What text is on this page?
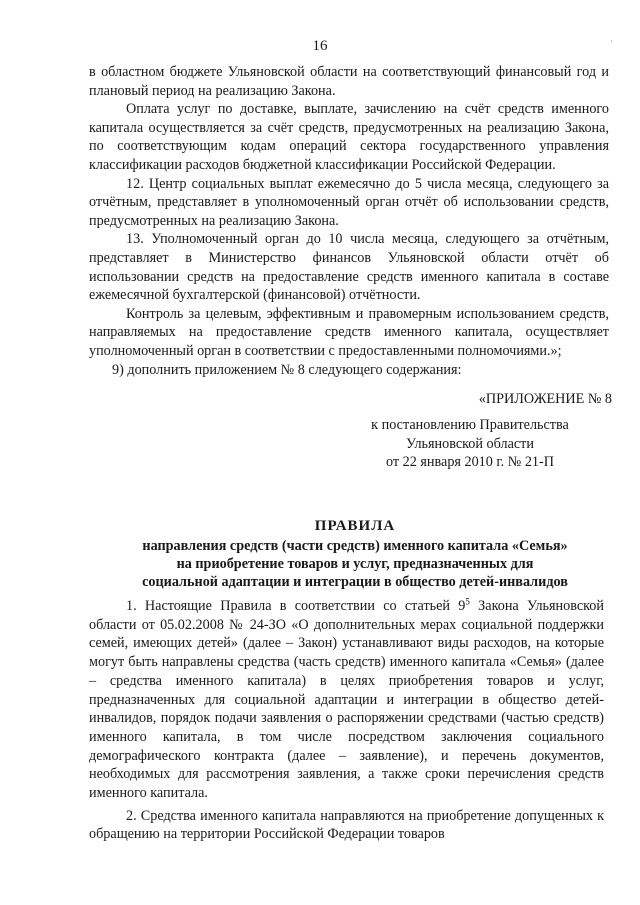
16	·

в областном бюджете Ульяновской области на соответствующий финансовый год и плановый период на реализацию Закона.

Оплата услуг по доставке, выплате, зачислению на счёт средств именного капитала осуществляется за счёт средств, предусмотренных на реализацию Закона, по соответствующим кодам операций сектора государственного управления классификации расходов бюджетной классификации Российской Федерации.

12. Центр социальных выплат ежемесячно до 5 числа месяца, следующего за отчётным, представляет в уполномоченный орган отчёт об использовании средств, предусмотренных на реализацию Закона.

13. Уполномоченный орган до 10 числа месяца, следующего за отчётным, представляет в Министерство финансов Ульяновской области отчёт об использовании средств на предоставление средств именного капитала в составе ежемесячной бухгалтерской (финансовой) отчётности.

Контроль за целевым, эффективным и правомерным использованием средств, направляемых на предоставление средств именного капитала, осуществляет уполномоченный орган в соответствии с предоставленными полномочиями.»;

9) дополнить приложением № 8 следующего содержания:

«ПРИЛОЖЕНИЕ № 8
к постановлению Правительства
Ульяновской области
от 22 января 2010 г. № 21-П
ПРАВИЛА
направления средств (части средств) именного капитала «Семья»
на приобретение товаров и услуг, предназначенных для
социальной адаптации и интеграции в общество детей-инвалидов

1. Настоящие Правила в соответствии со статьей $9^5$ Закона Ульяновской области от 05.02.2008 № 24-ЗО «О дополнительных мерах социальной поддержки семей, имеющих детей» (далее – Закон) устанавливают виды расходов, на которые могут быть направлены средства (часть средств) именного капитала «Семья» (далее – средства именного капитала) в целях приобретения товаров и услуг, предназначенных для социальной адаптации и интеграции в общество детей-инвалидов, порядок подачи заявления о распоряжении средствами (частью средств) именного капитала, в том числе посредством заключения социального демографического контракта (далее – заявление), и перечень документов, необходимых для рассмотрения заявления, а также сроки перечисления средств именного капитала.

2. Средства именного капитала направляются на приобретение допущенных к обращению на территории Российской Федерации товаров
